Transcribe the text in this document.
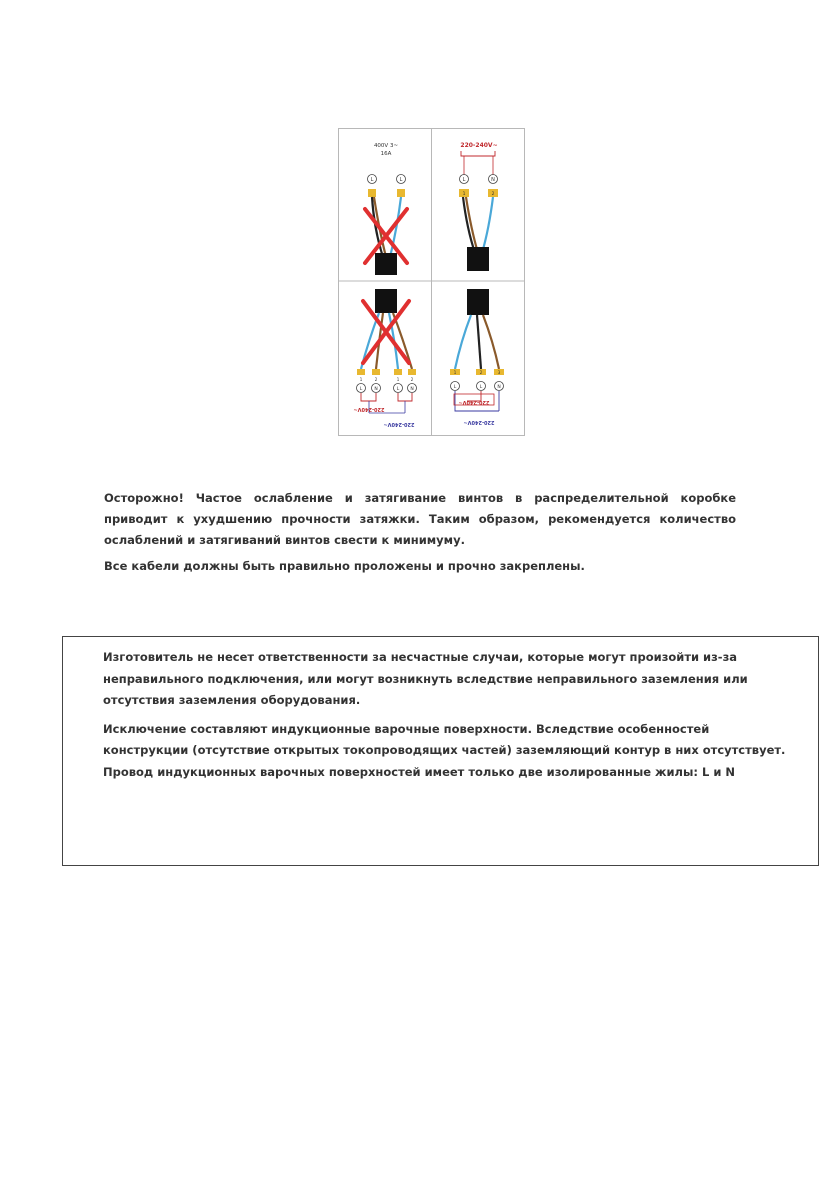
400V 3~
16A
L	L
220-240V~
L	N
1	2
1	2	1	2
L	N	L N
220-240V~
220-240V~
1	2	3
L	L	N
220-240V~
220-240V~

Осторожно! Частое ослабление и затягивание винтов в распределительной коробке приводит к ухудшению прочности затяжки. Таким образом, рекомендуется количество ослаблений и затягиваний винтов свести к минимуму.

Все кабели должны быть правильно проложены и прочно закреплены.

Изготовитель не несет ответственности за несчастные случаи, которые могут произойти из-за неправильного подключения, или могут возникнуть вследствие неправильного заземления или отсутствия заземления оборудования.

Исключение составляют индукционные варочные поверхности. Вследствие особенностей конструкции (отсутствие открытых токопроводящих частей) заземляющий контур в них отсутствует. Провод индукционных варочных поверхностей имеет только две изолированные жилы: L и N
